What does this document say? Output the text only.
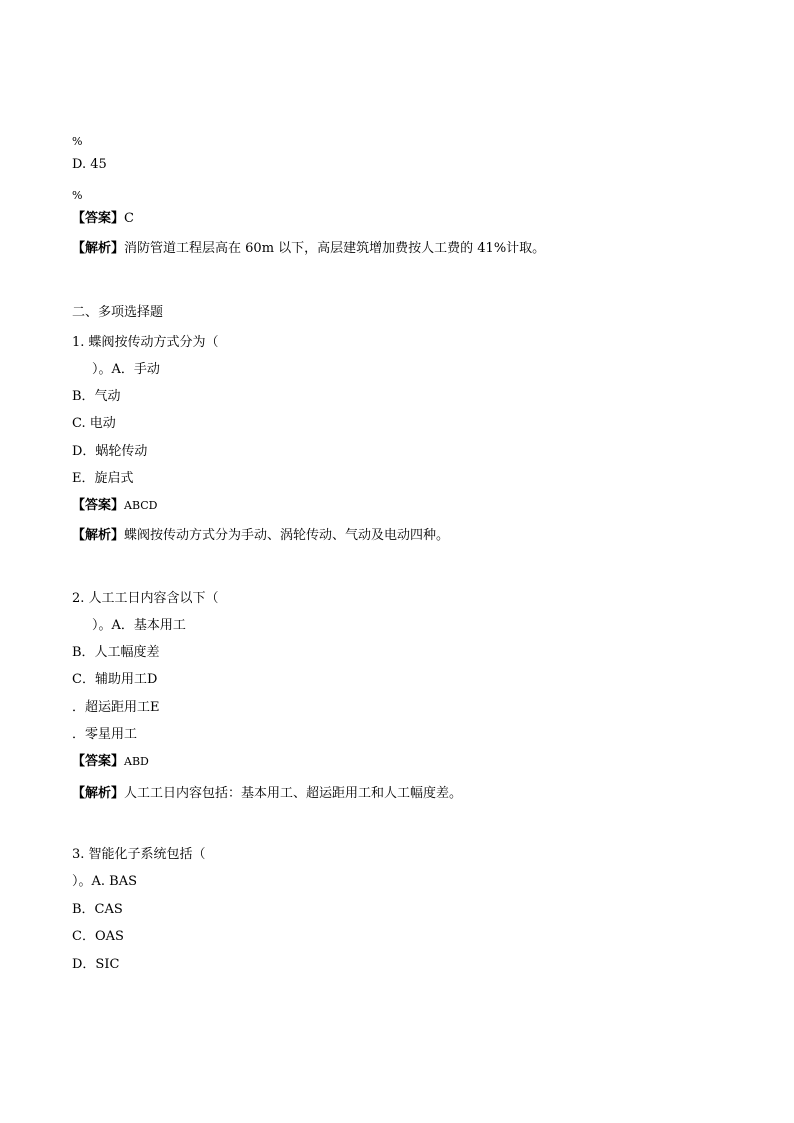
%
D. 45
%
【答案】C
【解析】消防管道工程层高在 60m 以下，高层建筑增加费按人工费的 41%计取。
二、多项选择题
1. 蝶阀按传动方式分为（
）。A．手动
B．气动
C. 电动
D．蜗轮传动
E．旋启式
【答案】ABCD
【解析】蝶阀按传动方式分为手动、涡轮传动、气动及电动四种。
2. 人工工日内容含以下（
）。A．基本用工
B．人工幅度差
C．辅助用工D
．超运距用工E
．零星用工
【答案】ABD
【解析】人工工日内容包括：基本用工、超运距用工和人工幅度差。
3. 智能化子系统包括（
）。A. BAS
B．CAS
C．OAS
D．SIC
